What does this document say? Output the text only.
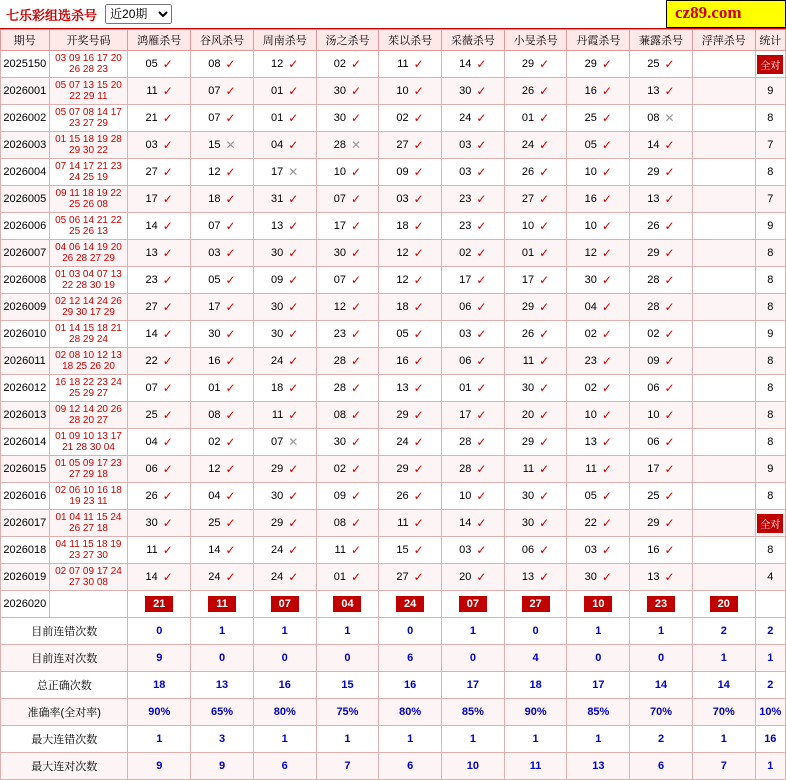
七乐彩组选杀号
近20期	cz89.com
期号	开奖号码	鸿雁杀号	谷风杀号	周南杀号	汤之杀号	茱以杀号	采薇杀号	小旻杀号	丹霞杀号	蒹露杀号	浮萍杀号	统计
2025150	03 09 16 17 20 26 28 23	05 ✓	08 ✓	12 ✓	02 ✓	11 ✓	14 ✓	29 ✓	29 ✓	25 ✓		全对
2026001	05 07 13 15 20 22 29 11	11 ✓	07 ✓	01 ✓	30 ✓	10 ✓	30 ✓	26 ✓	16 ✓	13 ✓		9
2026002	05 07 08 14 17 23 27 29	21 ✓	07 ✓	01 ✓	30 ✓	02 ✓	24 ✓	01 ✓	25 ✓	08 ✕		8
2026003	01 15 18 19 28 29 30 22	03 ✓	15 ✕	04 ✓	28 ✕	27 ✓	03 ✓	24 ✓	05 ✓	14 ✓		7
2026004	07 14 17 21 23 24 25 19	27 ✓	12 ✓	17 ✕	10 ✓	09 ✓	03 ✓	26 ✓	10 ✓	29 ✓		8
2026005	09 11 18 19 22 25 26 08	17 ✓	18 ✓	31 ✓	07 ✓	03 ✓	23 ✓	27 ✓	16 ✓	13 ✓		7
2026006	05 06 14 21 22 25 26 13	14 ✓	07 ✓	13 ✓	17 ✓	18 ✓	23 ✓	10 ✓	10 ✓	26 ✓		9
2026007	04 06 14 19 20 26 28 27 29	13 ✓	03 ✓	30 ✓	30 ✓	12 ✓	02 ✓	01 ✓	12 ✓	29 ✓		8
2026008	01 03 04 07 13 22 28 30 19	23 ✓	05 ✓	09 ✓	07 ✓	12 ✓	17 ✓	17 ✓	30 ✓	28 ✓		8
2026009	02 12 14 24 26 29 30 17 29	27 ✓	17 ✓	30 ✓	12 ✓	18 ✓	06 ✓	29 ✓	04 ✓	28 ✓		8
2026010	01 14 15 18 21 28 29 24	14 ✓	30 ✓	30 ✓	23 ✓	05 ✓	03 ✓	26 ✓	02 ✓	02 ✓		9
2026011	02 08 10 12 13 18 25 26 20	22 ✓	16 ✓	24 ✓	28 ✓	16 ✓	06 ✓	11 ✓	23 ✓	09 ✓		8
2026012	16 18 22 23 24 25 29 27	07 ✓	01 ✓	18 ✓	28 ✓	13 ✓	01 ✓	30 ✓	02 ✓	06 ✓		8
2026013	09 12 14 20 26 28 20 27	25 ✓	08 ✓	11 ✓	08 ✓	29 ✓	17 ✓	20 ✓	10 ✓	10 ✓		8
2026014	01 09 10 13 17 21 28 30 04	04 ✓	02 ✓	07 ✕	30 ✓	24 ✓	28 ✓	29 ✓	13 ✓	06 ✓		8
2026015	01 05 09 17 23 27 29 18	06 ✓	12 ✓	29 ✓	02 ✓	29 ✓	28 ✓	11 ✓	11 ✓	17 ✓		9
2026016	02 06 10 16 18 19 23 11	26 ✓	04 ✓	30 ✓	09 ✓	26 ✓	10 ✓	30 ✓	05 ✓	25 ✓		8
2026017	01 04 11 15 24 26 27 18	30 ✓	25 ✓	29 ✓	08 ✓	11 ✓	14 ✓	30 ✓	22 ✓	29 ✓		全对
2026018	04 11 15 18 19 23 27 30	11 ✓	14 ✓	24 ✓	11 ✓	15 ✓	03 ✓	06 ✓	03 ✓	16 ✓		8
2026019	02 07 09 17 24 27 30 08	14 ✓	24 ✓	24 ✓	01 ✓	27 ✓	20 ✓	13 ✓	30 ✓	13 ✓		4
2026020	当前期杀号	21	11	07	04	24	07	27	10	23	20	
目前连错次数		0	1	1	1	0	1	0	1	1	2	2
目前连对次数		9	0	0	0	6	0	4	0	0	1	1
总正确次数		18	13	16	15	16	17	18	17	14	14	2
准确率(全对率)		90%	65%	80%	75%	80%	85%	90%	85%	70%	70%	10%
最大连错次数		1	3	1	1	1	1	1	1	2	1	16
最大连对次数		9	9	6	7	6	10	11	13	6	7	1
